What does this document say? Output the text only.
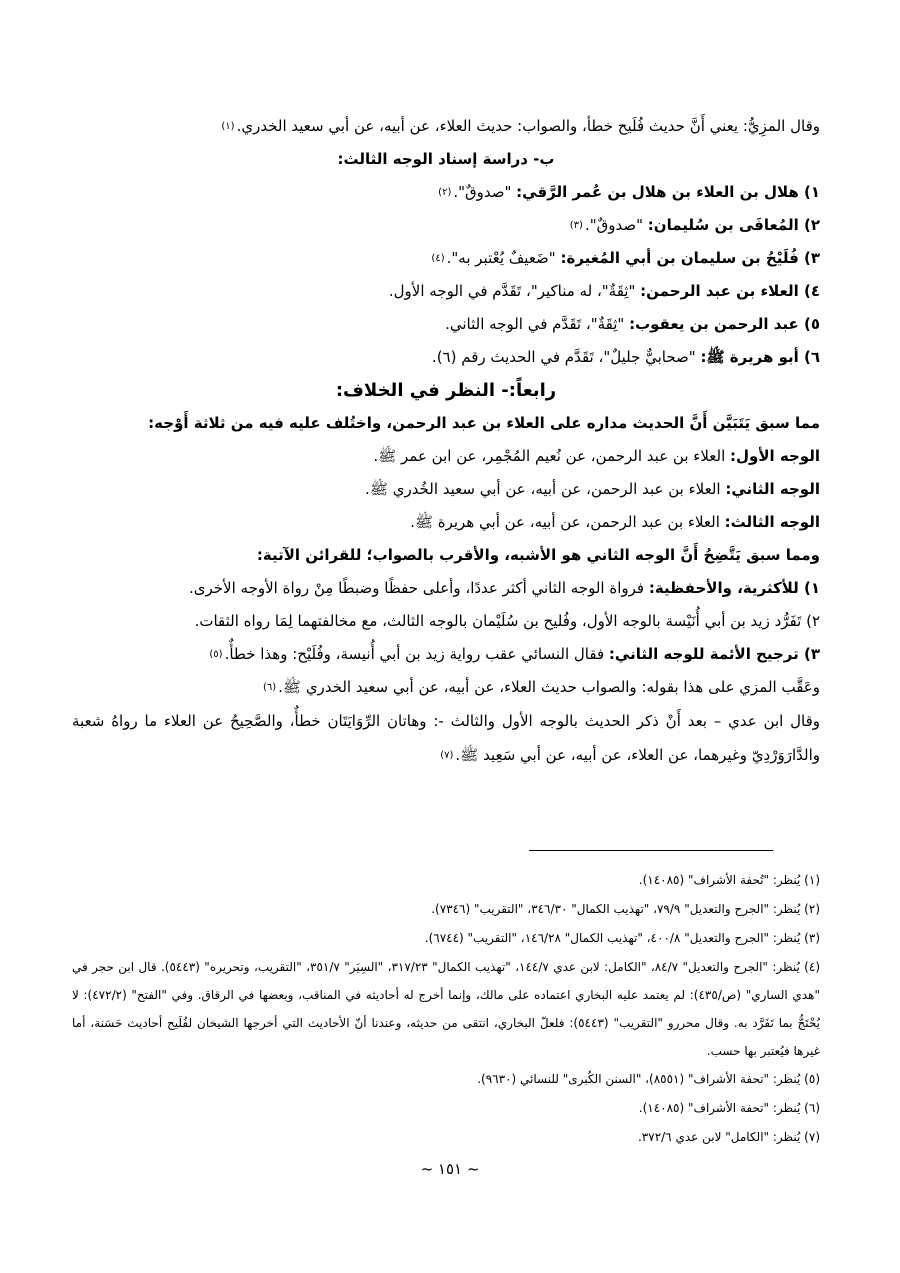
وقال المزِيُّ: يعني أَنَّ حديث فُلَيح خطأ، والصواب: حديث العلاء، عن أبيه، عن أبي سعيد الخدري.(١)

ب- دراسة إسناد الوجه الثالث:

١) هلال بن العلاء بن هلال بن عُمر الرَّقي: "صدوقٌ".(٢)

٢) المُعافَى بن سُليمان: "صدوقٌ".(٣)

٣) فُلَيْحُ بن سليمان بن أبي المُغيرة: "ضَعيفٌ يُعْتبر به".(٤)

٤) العلاء بن عبد الرحمن: "ثِقَةٌ"، له مناكير"، تَقَدَّم في الوجه الأول.

٥) عبد الرحمن بن يعقوب: "ثِقَةٌ"، تَقَدَّم في الوجه الثاني.

٦) أبو هريرة ﷺ: "صحابيٌّ جليلٌ"، تَقَدَّم في الحديث رقم (٦).

رابعاً:- النظر في الخلاف:

مما سبق يَتَبَيَّن أَنَّ الحديث مداره على العلاء بن عبد الرحمن، واختُلف عليه فيه من ثلاثة أَوْجه:

الوجه الأول: العلاء بن عبد الرحمن، عن نُعيم المُجْمِر، عن ابن عمر ﷺ.

الوجه الثاني: العلاء بن عبد الرحمن، عن أبيه، عن أبي سعيد الخُدري ﷺ.

الوجه الثالث: العلاء بن عبد الرحمن، عن أبيه، عن أبي هريرة ﷺ.

ومما سبق يَتَّضِحُ أَنَّ الوجه الثاني هو الأشبه، والأقرب بالصواب؛ للقرائن الآتية:

١) للأكثرية، والأحفظية: فرواة الوجه الثاني أكثر عددًا، وأعلى حفظًا وضبطًا مِنْ رواة الأوجه الأخرى.

٢) تَفَرُّد زيد بن أبي أُنَيْسة بالوجه الأول، وفُليح بن سُلَيْمان بالوجه الثالث، مع مخالفتهما لِمَا رواه الثقات.

٣) ترجيح الأئمة للوجه الثاني: فقال النسائي عقب رواية زيد بن أبي أُنيسة، وفُلَيْح: وهذا خطأٌ.(٥)

وعَقَّب المزي على هذا بقوله: والصواب حديث العلاء، عن أبيه، عن أبي سعيد الخدري ﷺ.(٦)

وقال ابن عدي – بعد أَنْ ذكر الحديث بالوجه الأول والثالث -: وهاتان الرِّوَايَتَان خطأٌ، والصَّحِيحُ عن العلاء ما رواهُ شعبة والدَّارَوَرْدِيّ وغيرهما، عن العلاء، عن أبيه، عن أبي سَعِيد ﷺ.(٧)

(١) يُنظر: "تُحفة الأشراف" (١٤٠٨٥).

(٢) يُنظر: "الجرح والتعديل" ٧٩/٩، "تهذيب الكمال" ٣٤٦/٣٠، "التقريب" (٧٣٤٦).

(٣) يُنظر: "الجرح والتعديل" ٤٠٠/٨، "تهذيب الكمال" ١٤٦/٢٨، "التقريب" (٦٧٤٤).

(٤) يُنظر: "الجرح والتعديل" ٨٤/٧، "الكامل: لابن عدي ١٤٤/٧، "تهذيب الكمال" ٣١٧/٢٣، "السِيَر" ٣٥١/٧، "التقريب، وتحريره" (٥٤٤٣). قال ابن حجر في "هدي الساري" (ص/٤٣٥): لم يعتمد عليه البخاري اعتماده على مالك، وإنما أخرج له أحاديثه في المناقب، وبعضها في الرقاق. وفي "الفتح" (٤٧٢/٢): لا يُحْتَجُّ بما تَفَرَّد به. وقال محررو "التقريب" (٥٤٤٣): فلعلّ البخاري، انتقى من حديثه، وعندنا أنّ الأحاديث التي أخرجها الشيخان لفُلَيح أحاديث حَسَنة، أما غيرها فيُعتبر بها حسب.

(٥) يُنظر: "تحفة الأشراف" (٨٥٥١)، "السنن الكُبرى" للنسائي (٩٦٣٠).

(٦) يُنظر: "تحفة الأشراف" (١٤٠٨٥).

(٧) يُنظر: "الكامل" لابن عدي ٣٧٢/٦.

~ ١٥١ ~
